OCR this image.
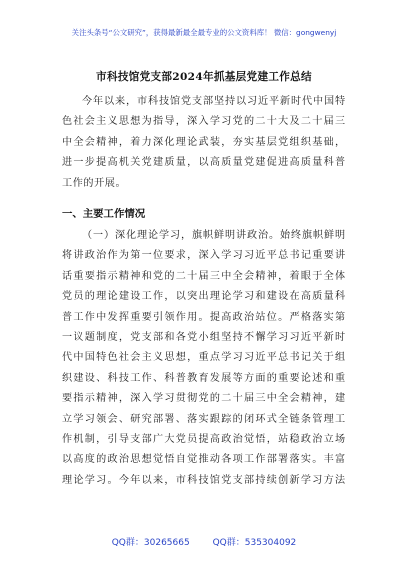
关注头条号“公文研究”，获得最新最全最专业的公文资料库！ 微信：gongwenyj
市科技馆党支部2024年抓基层党建工作总结
今 年 以 来 ， 市 科 技 馆 党 支 部 坚 持 以 习 近 平 新 时 代 中 国 特
色 社 会 主 义 思 想 为 指 导 ， 深 入 学 习 党 的 二 十 大 及 二 十 届 三
中 全 会 精 神 ， 着 力 深 化 理 论 武 装 ， 夯 实 基 层 党 组 织 基 础 ，
进 一 步 提 高 机 关 党 建 质 量 ， 以 高 质 量 党 建 促 进 高 质 量 科 普
工作的开展。
一、主要工作情况
（ 一 ） 深 化 理 论 学 习 ， 旗 帜 鲜 明 讲 政 治 。 始 终 旗 帜 鲜 明
将 讲 政 治 作 为 第 一 位 要 求 ， 深 入 学 习 习 近 平 总 书 记 重 要 讲
话 重 要 指 示 精 神 和 党 的 二 十 届 三 中 全 会 精 神 ， 着 眼 于 全 体
党 员 的 理 论 建 设 工 作 ， 以 突 出 理 论 学 习 和 建 设 在 高 质 量 科
普 工 作 中 发 挥 重 要 引 领 作 用 。 提 高 政 治 站 位 。 严 格 落 实 第
一 议 题 制 度 ， 党 支 部 和 各 党 小 组 坚 持 不 懈 学 习 习 近 平 新 时
代 中 国 特 色 社 会 主 义 思 想 ， 重 点 学 习 习 近 平 总 书 记 关 于 组
织 建 设 、 科 技 工 作 、 科 普 教 育 发 展 等 方 面 的 重 要 论 述 和 重
要 指 示 精 神 ， 深 入 学 习 贯 彻 党 的 二 十 届 三 中 全 会 精 神 ， 建
立 学 习 领 会 、 研 究 部 署 、 落 实 跟 踪 的 闭 环 式 全 链 条 管 理 工
作 机 制 ， 引 导 支 部 广 大 党 员 提 高 政 治 觉 悟 ， 站 稳 政 治 立 场
以 高 度 的 政 治 思 想 觉 悟 自 觉 推 动 各 项 工 作 部 署 落 实 。 丰 富
理 论 学 习 。 今 年 以 来 ， 市 科 技 馆 党 支 部 持 续 创 新 学 习 方 法
QQ群：30265665	QQ群：535304092
